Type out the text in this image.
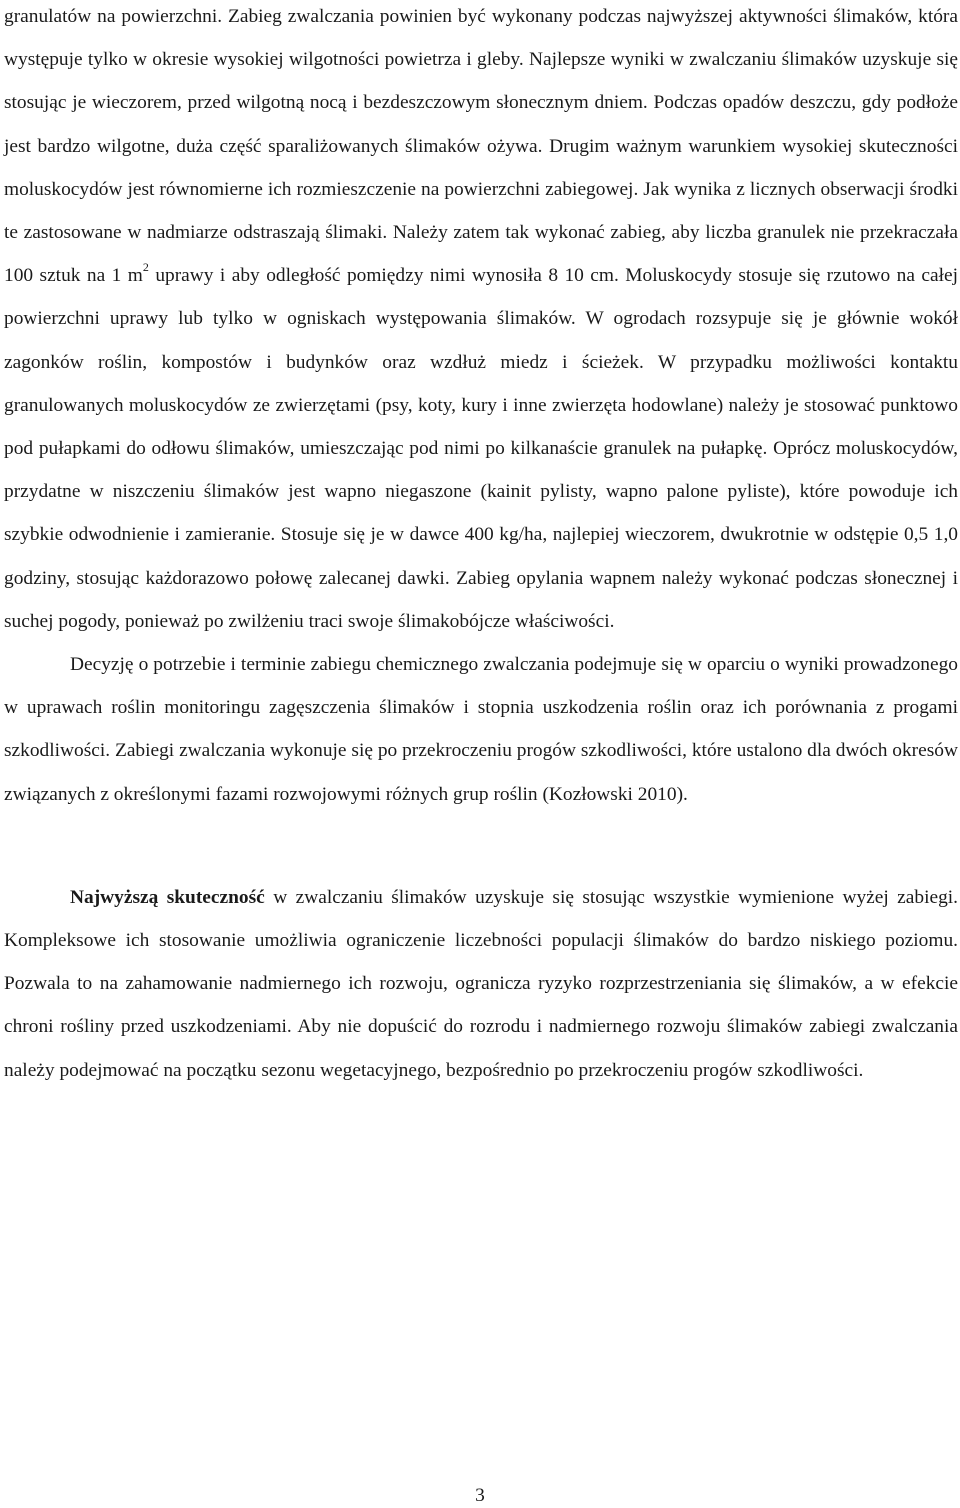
granulatów na powierzchni. Zabieg zwalczania powinien być wykonany podczas najwyższej aktywności ślimaków, która występuje tylko w okresie wysokiej wilgotności powietrza i gleby. Najlepsze wyniki w zwalczaniu ślimaków uzyskuje się stosując je wieczorem, przed wilgotną nocą i bezdeszczowym słonecznym dniem. Podczas opadów deszczu, gdy podłoże jest bardzo wilgotne, duża część sparaliżowanych ślimaków ożywa. Drugim ważnym warunkiem wysokiej skuteczności moluskocydów jest równomierne ich rozmieszczenie na powierzchni zabiegowej. Jak wynika z licznych obserwacji środki te zastosowane w nadmiarze odstraszają ślimaki. Należy zatem tak wykonać zabieg, aby liczba granulek nie przekraczała 100 sztuk na 1 $m^2$ uprawy i aby odległość pomiędzy nimi wynosiła 8 10 cm. Moluskocydy stosuje się rzutowo na całej powierzchni uprawy lub tylko w ogniskach występowania ślimaków. W ogrodach rozsypuje się je głównie wokół zagonków roślin, kompostów i budynków oraz wzdłuż miedz i ścieżek. W przypadku możliwości kontaktu granulowanych moluskocydów ze zwierzętami (psy, koty, kury i inne zwierzęta hodowlane) należy je stosować punktowo pod pułapkami do odłowu ślimaków, umieszczając pod nimi po kilkanaście granulek na pułapkę. Oprócz moluskocydów, przydatne w niszczeniu ślimaków jest wapno niegaszone (kainit pylisty, wapno palone pyliste), które powoduje ich szybkie odwodnienie i zamieranie. Stosuje się je w dawce 400 kg/ha, najlepiej wieczorem, dwukrotnie w odstępie 0,5 1,0 godziny, stosując każdorazowo połowę zalecanej dawki. Zabieg opylania wapnem należy wykonać podczas słonecznej i suchej pogody, ponieważ po zwilżeniu traci swoje ślimakobójcze właściwości.

Decyzję o potrzebie i terminie zabiegu chemicznego zwalczania podejmuje się w oparciu o wyniki prowadzonego w uprawach roślin monitoringu zagęszczenia ślimaków i stopnia uszkodzenia roślin oraz ich porównania z progami szkodliwości. Zabiegi zwalczania wykonuje się po przekroczeniu progów szkodliwości, które ustalono dla dwóch okresów związanych z określonymi fazami rozwojowymi różnych grup roślin (Kozłowski 2010).

Najwyższą skuteczność w zwalczaniu ślimaków uzyskuje się stosując wszystkie wymienione wyżej zabiegi. Kompleksowe ich stosowanie umożliwia ograniczenie liczebności populacji ślimaków do bardzo niskiego poziomu. Pozwala to na zahamowanie nadmiernego ich rozwoju, ogranicza ryzyko rozprzestrzeniania się ślimaków, a w efekcie chroni rośliny przed uszkodzeniami. Aby nie dopuścić do rozrodu i nadmiernego rozwoju ślimaków zabiegi zwalczania należy podejmować na początku sezonu wegetacyjnego, bezpośrednio po przekroczeniu progów szkodliwości.

3
